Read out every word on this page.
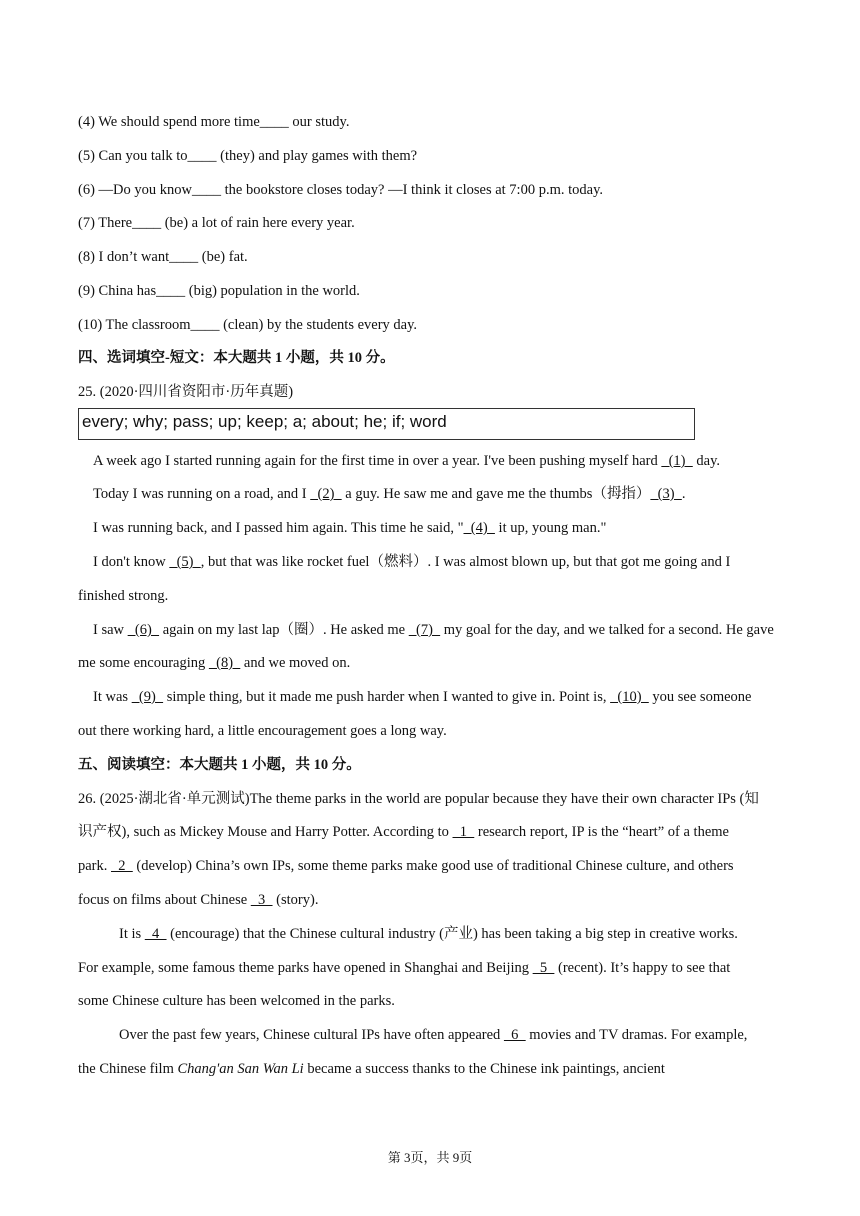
(4) We should spend more time____ our study.
(5) Can you talk to____ (they) and play games with them?
(6) —Do you know____ the bookstore closes today? —I think it closes at 7:00 p.m. today.
(7) There____ (be) a lot of rain here every year.
(8) I don’t want____ (be) fat.
(9) China has____ (big) population in the world.
(10) The classroom____ (clean) by the students every day.
四、选词填空-短文：本大题共 1 小题，共 10 分。
25. (2020·四川省资阳市·历年真题)
every; why; pass; up; keep; a; about; he; if; word
A week ago I started running again for the first time in over a year. I've been pushing myself hard   (1)   day.
Today I was running on a road, and I   (2)   a guy. He saw me and gave me the thumbs（拇指）  (3)  .
I was running back, and I passed him again. This time he said, "  (4)   it up, young man."
I don't know   (5)  , but that was like rocket fuel（燃料）. I was almost blown up, but that got me going and I
finished strong.
I saw   (6)   again on my last lap（圈）. He asked me   (7)   my goal for the day, and we talked for a second. He gave
me some encouraging   (8)   and we moved on.
It was   (9)   simple thing, but it made me push harder when I wanted to give in. Point is,   (10)   you see someone
out there working hard, a little encouragement goes a long way.
五、阅读填空：本大题共 1 小题，共 10 分。
26. (2025·湖北省·单元测试)The theme parks in the world are popular because they have their own character IPs (知
识产权), such as Mickey Mouse and Harry Potter. According to   1   research report, IP is the “heart” of a theme
park.   2   (develop) China’s own IPs, some theme parks make good use of traditional Chinese culture, and others
focus on films about Chinese   3   (story).
It is   4   (encourage) that the Chinese cultural industry (产业) has been taking a big step in creative works.
For example, some famous theme parks have opened in Shanghai and Beijing   5   (recent). It’s happy to see that
some Chinese culture has been welcomed in the parks.
Over the past few years, Chinese cultural IPs have often appeared   6   movies and TV dramas. For example,
the Chinese film Chang'an San Wan Li became a success thanks to the Chinese ink paintings, ancient
第 3页，共 9页
